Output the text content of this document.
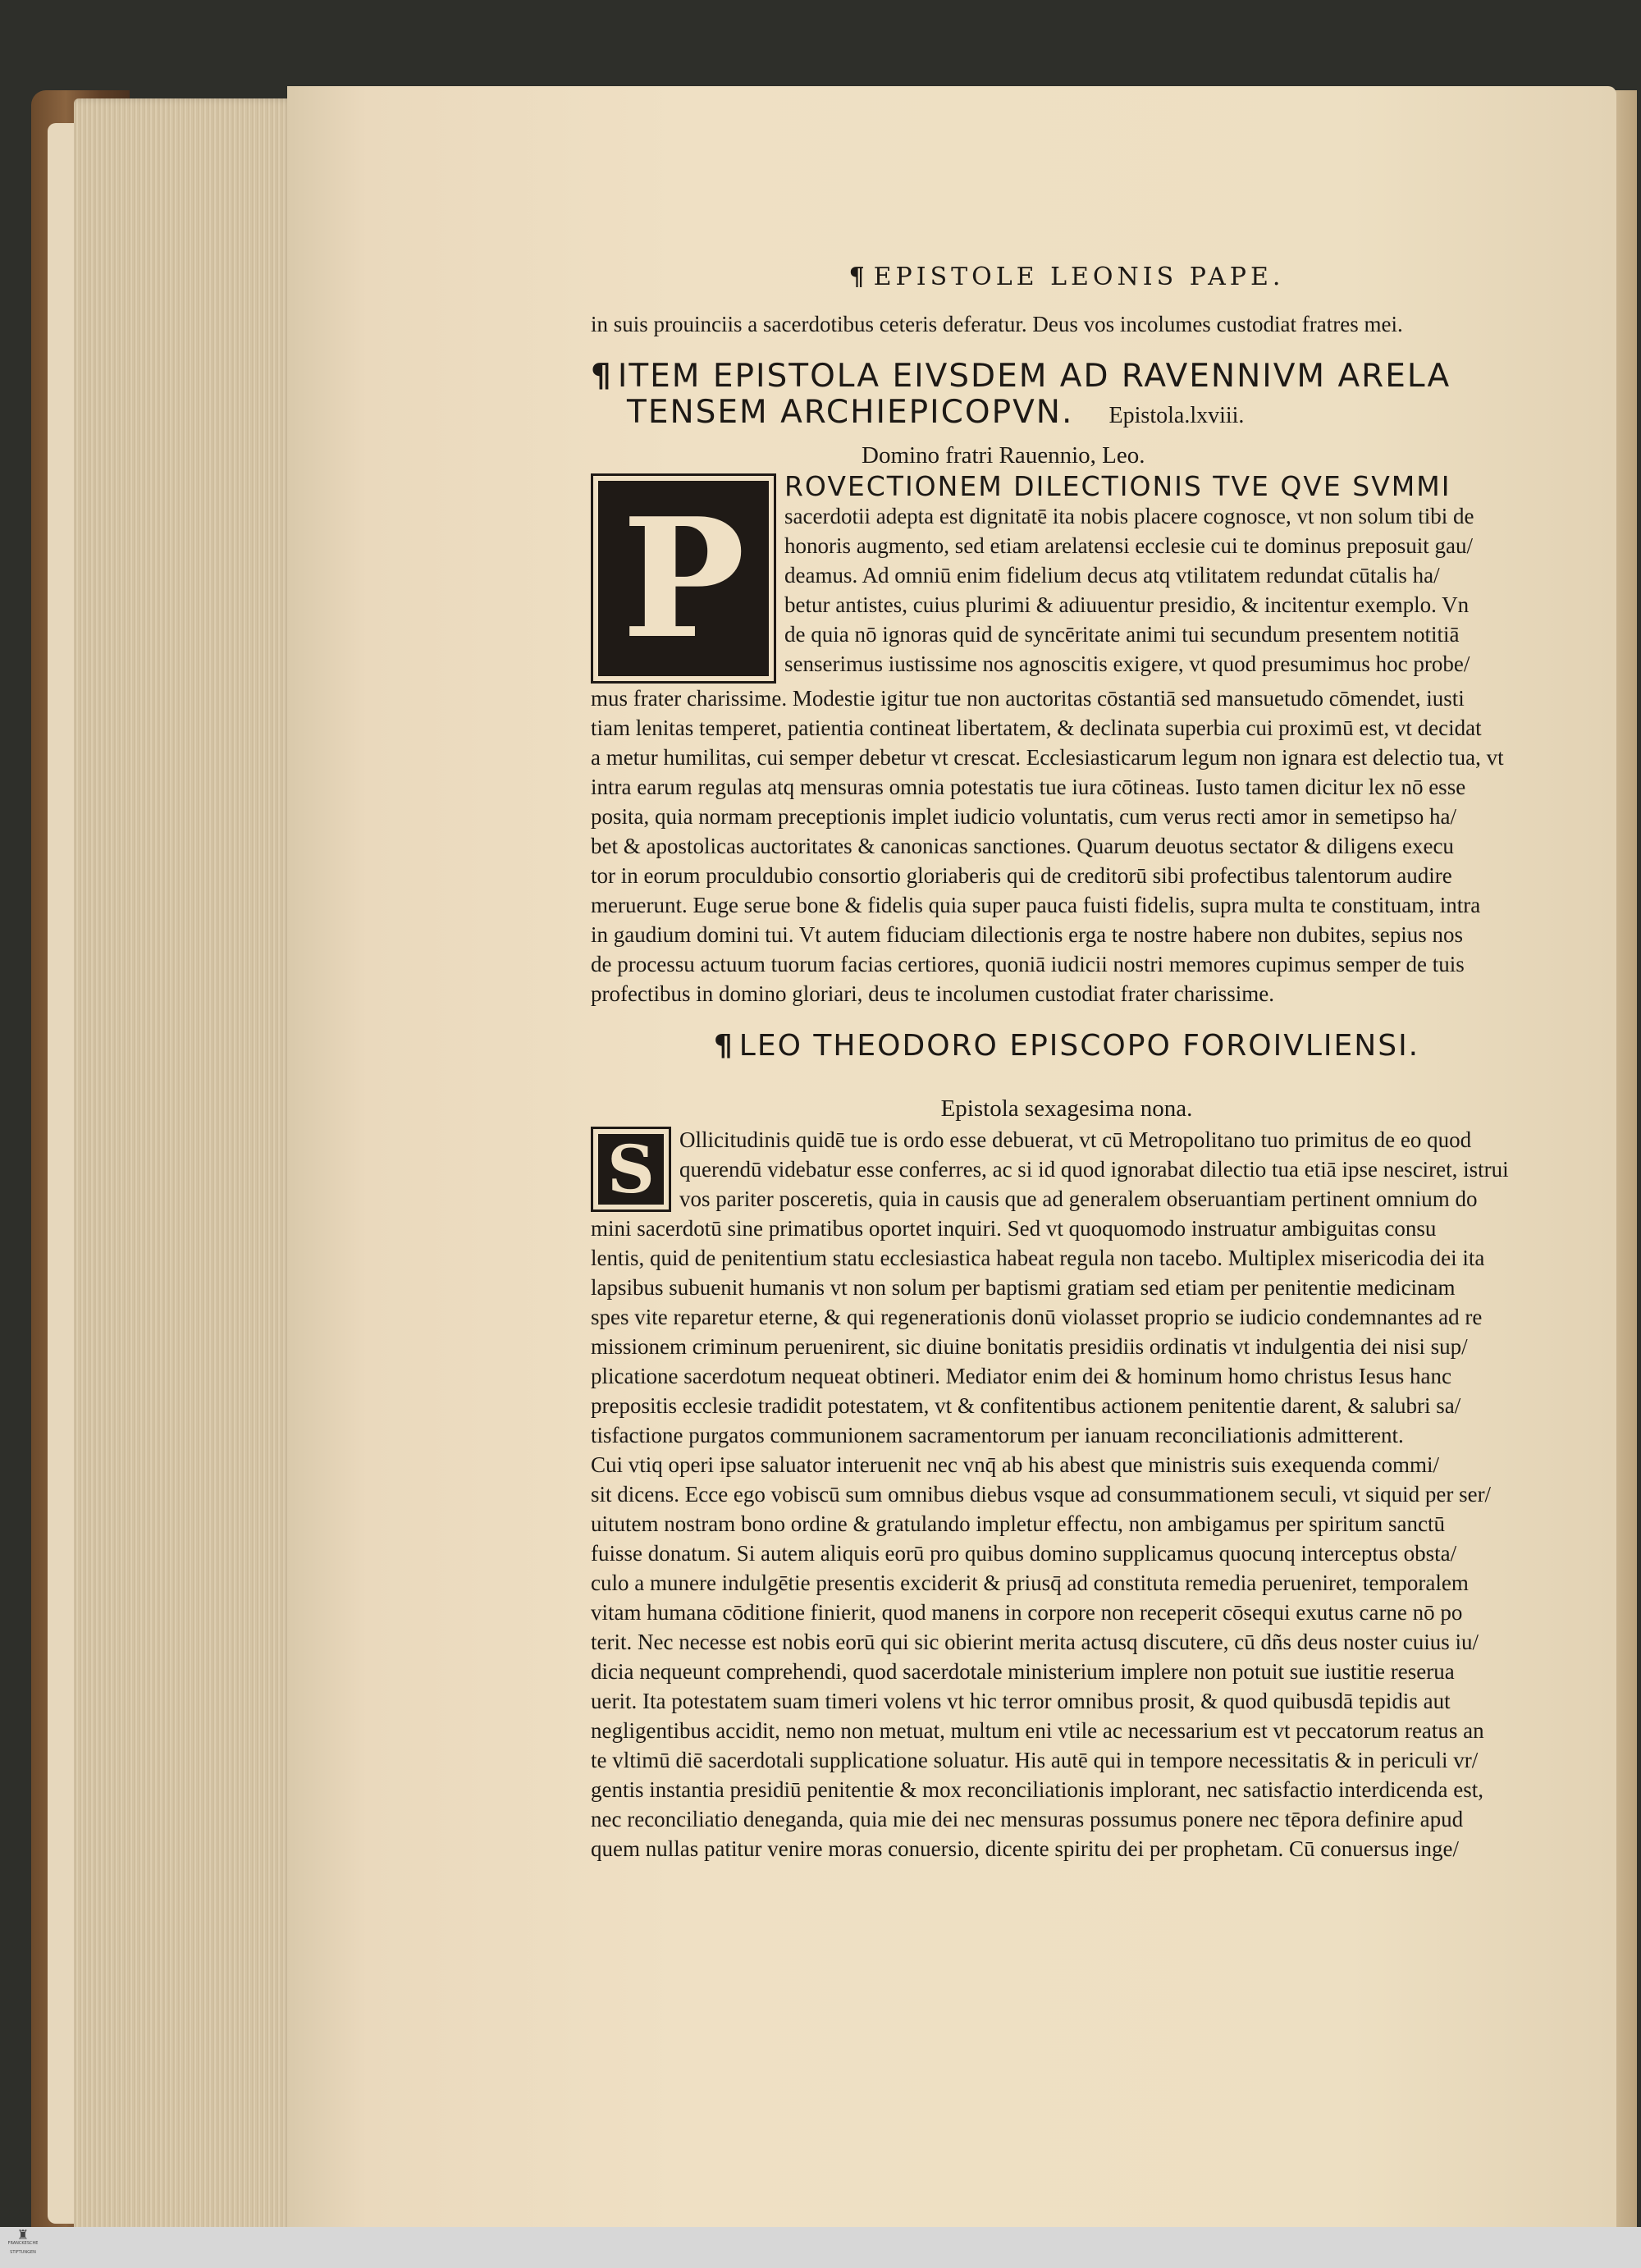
¶ EPISTOLE LEONIS PAPE.
in suis prouinciis a sacerdotibus ceteris deferatur. Deus vos incolumes custodiat fratres mei.
¶ ITEM EPISTOLA EIVSDEM AD RAVENNIVM ARELA
TENSEM ARCHIEPICOPVN. Epistola.lxviii.
Domino fratri Rauennio, Leo.
P	ROVECTIONEM DILECTIONIS TVE QVE SVMMI
sacerdotii adepta est dignitatē ita nobis placere cognosce, vt non solum tibi de
honoris augmento, sed etiam arelatensi ecclesie cui te dominus preposuit gau/
deamus. Ad omniū enim fidelium decus atq vtilitatem redundat cūtalis ha/
betur antistes, cuius plurimi & adiuuentur presidio, & incitentur exemplo. Vn
de quia nō ignoras quid de syncēritate animi tui secundum presentem notitiā
senserimus iustissime nos agnoscitis exigere, vt quod presumimus hoc probe/
mus frater charissime. Modestie igitur tue non auctoritas cōstantiā sed mansuetudo cōmendet, iusti
tiam lenitas temperet, patientia contineat libertatem, & declinata superbia cui proximū est, vt decidat
a metur humilitas, cui semper debetur vt crescat. Ecclesiasticarum legum non ignara est delectio tua, vt
intra earum regulas atq mensuras omnia potestatis tue iura cōtineas. Iusto tamen dicitur lex nō esse
posita, quia normam preceptionis implet iudicio voluntatis, cum verus recti amor in semetipso ha/
bet & apostolicas auctoritates & canonicas sanctiones. Quarum deuotus sectator & diligens execu
tor in eorum proculdubio consortio gloriaberis qui de creditorū sibi profectibus talentorum audire
meruerunt. Euge serue bone & fidelis quia super pauca fuisti fidelis, supra multa te constituam, intra
in gaudium domini tui. Vt autem fiduciam dilectionis erga te nostre habere non dubites, sepius nos
de processu actuum tuorum facias certiores, quoniā iudicii nostri memores cupimus semper de tuis
profectibus in domino gloriari, deus te incolumen custodiat frater charissime.
¶ LEO THEODORO EPISCOPO FOROIVLIENSI.
Epistola sexagesima nona.
S	Ollicitudinis quidē tue is ordo esse debuerat, vt cū Metropolitano tuo primitus de eo quod
querendū videbatur esse conferres, ac si id quod ignorabat dilectio tua etiā ipse nesciret, istrui
vos pariter posceretis, quia in causis que ad generalem obseruantiam pertinent omnium do
mini sacerdotū sine primatibus oportet inquiri. Sed vt quoquomodo instruatur ambiguitas consu
lentis, quid de penitentium statu ecclesiastica habeat regula non tacebo. Multiplex misericodia dei ita
lapsibus subuenit humanis vt non solum per baptismi gratiam sed etiam per penitentie medicinam
spes vite reparetur eterne, & qui regenerationis donū violasset proprio se iudicio condemnantes ad re
missionem criminum peruenirent, sic diuine bonitatis presidiis ordinatis vt indulgentia dei nisi sup/
plicatione sacerdotum nequeat obtineri. Mediator enim dei & hominum homo christus Iesus hanc
prepositis ecclesie tradidit potestatem, vt & confitentibus actionem penitentie darent, & salubri sa/
tisfactione purgatos communionem sacramentorum per ianuam reconciliationis admitterent.
Cui vtiq operi ipse saluator interuenit nec vnq̄ ab his abest que ministris suis exequenda commi/
sit dicens. Ecce ego vobiscū sum omnibus diebus vsque ad consummationem seculi, vt siquid per ser/
uitutem nostram bono ordine & gratulando impletur effectu, non ambigamus per spiritum sanctū
fuisse donatum. Si autem aliquis eorū pro quibus domino supplicamus quocunq interceptus obsta/
culo a munere indulgētie presentis exciderit & priusq̄ ad constituta remedia perueniret, temporalem
vitam humana cōditione finierit, quod manens in corpore non receperit cōsequi exutus carne nō po
terit. Nec necesse est nobis eorū qui sic obierint merita actusq discutere, cū dñs deus noster cuius iu/
dicia nequeunt comprehendi, quod sacerdotale ministerium implere non potuit sue iustitie reserua
uerit. Ita potestatem suam timeri volens vt hic terror omnibus prosit, & quod quibusdā tepidis aut
negligentibus accidit, nemo non metuat, multum eni vtile ac necessarium est vt peccatorum reatus an
te vltimū diē sacerdotali supplicatione soluatur. His autē qui in tempore necessitatis & in periculi vr/
gentis instantia presidiū penitentie & mox reconciliationis implorant, nec satisfactio interdicenda est,
nec reconciliatio deneganda, quia mie dei nec mensuras possumus ponere nec tēpora definire apud
quem nullas patitur venire moras conuersio, dicente spiritu dei per prophetam. Cū conuersus inge/
♜
FRANCKESCHE
STIFTUNGEN
